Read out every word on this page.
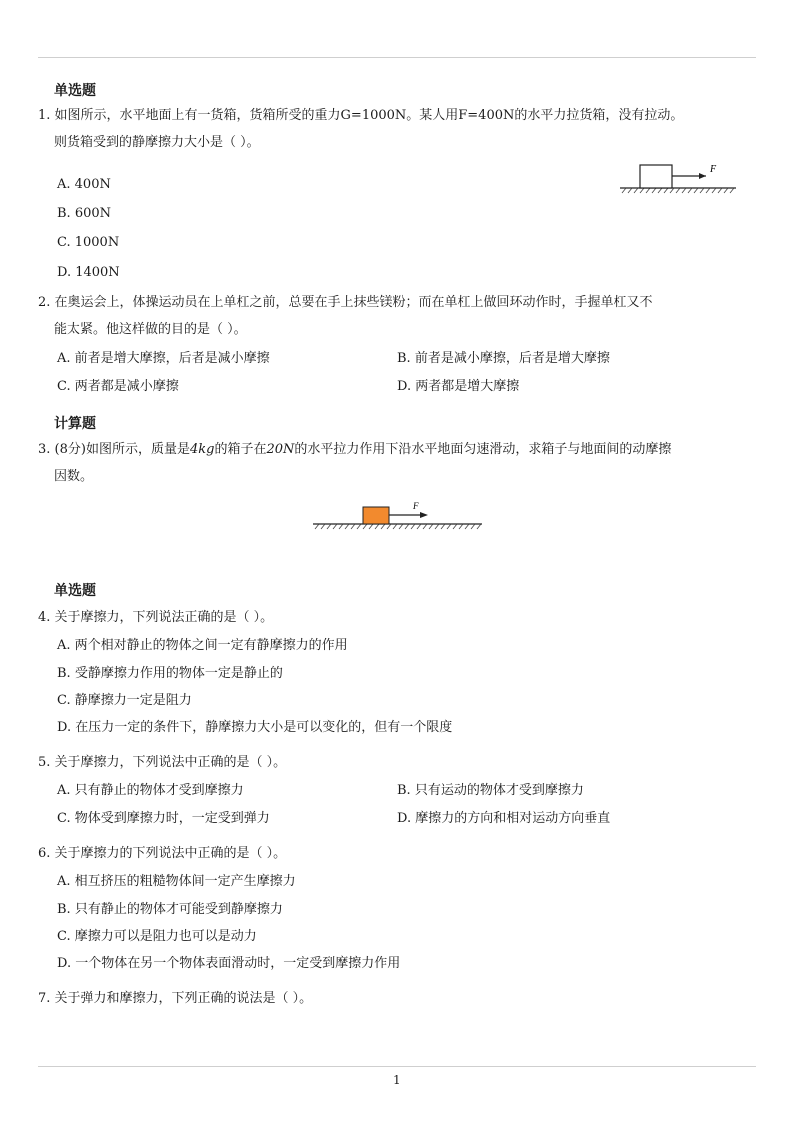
单选题
1. 如图所示，水平地面上有一货箱，货箱所受的重力G=1000N。某人用F=400N的水平力拉货箱，没有拉动。
则货箱受到的静摩擦力大小是（ ）。
A. 400N
B. 600N
C. 1000N
D. 1400N
F
2. 在奥运会上，体操运动员在上单杠之前，总要在手上抹些镁粉；而在单杠上做回环动作时，手握单杠又不
能太紧。他这样做的目的是（ ）。
A. 前者是增大摩擦，后者是减小摩擦	B. 前者是减小摩擦，后者是增大摩擦
C. 两者都是减小摩擦	D. 两者都是增大摩擦
计算题
3. (8分)如图所示，质量是4kg的箱子在20N的水平拉力作用下沿水平地面匀速滑动，求箱子与地面间的动摩擦
因数。
F
单选题
4. 关于摩擦力，下列说法正确的是（ ）。
A. 两个相对静止的物体之间一定有静摩擦力的作用
B. 受静摩擦力作用的物体一定是静止的
C. 静摩擦力一定是阻力
D. 在压力一定的条件下，静摩擦力大小是可以变化的，但有一个限度
5. 关于摩擦力，下列说法中正确的是（ ）。
A. 只有静止的物体才受到摩擦力	B. 只有运动的物体才受到摩擦力
C. 物体受到摩擦力时，一定受到弹力	D. 摩擦力的方向和相对运动方向垂直
6. 关于摩擦力的下列说法中正确的是（ ）。
A. 相互挤压的粗糙物体间一定产生摩擦力
B. 只有静止的物体才可能受到静摩擦力
C. 摩擦力可以是阻力也可以是动力
D. 一个物体在另一个物体表面滑动时，一定受到摩擦力作用
7. 关于弹力和摩擦力，下列正确的说法是（ ）。
1
